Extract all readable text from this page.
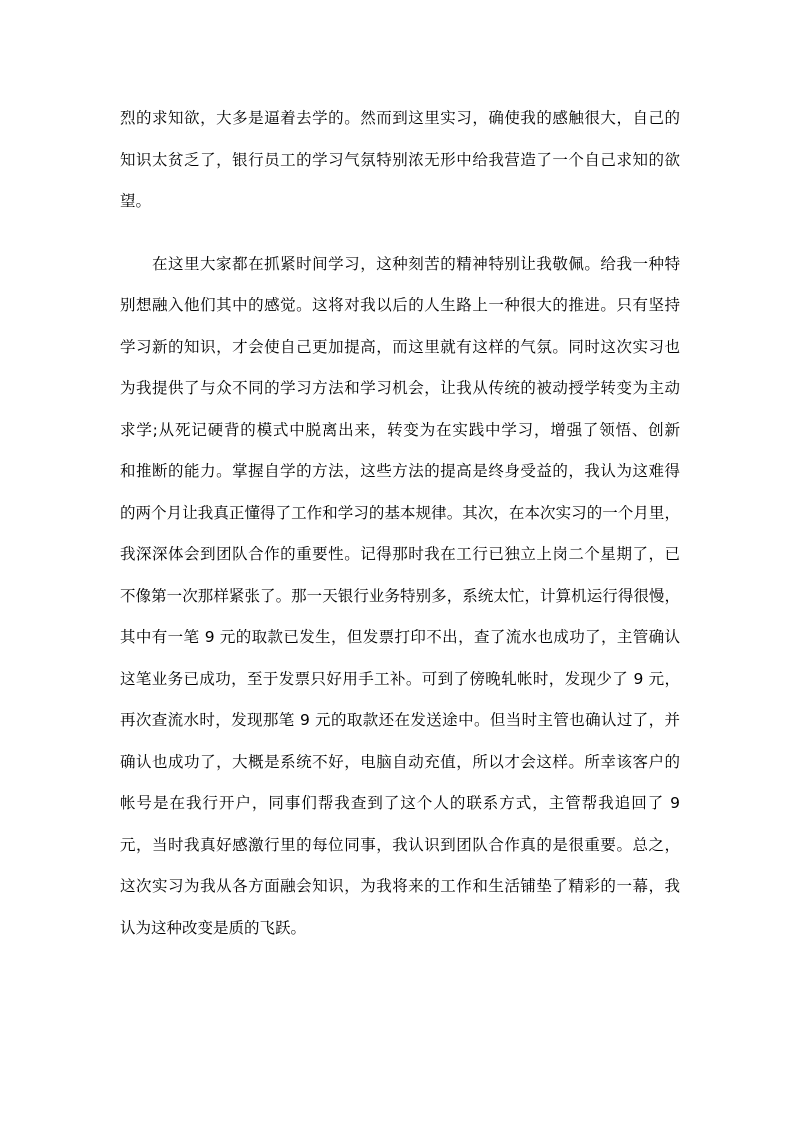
烈的求知欲，大多是逼着去学的。然而到这里实习，确使我的感触很大，自己的
知识太贫乏了，银行员工的学习气氛特别浓无形中给我营造了一个自己求知的欲
望。
在这里大家都在抓紧时间学习，这种刻苦的精神特别让我敬佩。给我一种特
别想融入他们其中的感觉。这将对我以后的人生路上一种很大的推进。只有坚持
学习新的知识，才会使自己更加提高，而这里就有这样的气氛。同时这次实习也
为我提供了与众不同的学习方法和学习机会，让我从传统的被动授学转变为主动
求学;从死记硬背的模式中脱离出来，转变为在实践中学习，增强了领悟、创新
和推断的能力。掌握自学的方法，这些方法的提高是终身受益的，我认为这难得
的两个月让我真正懂得了工作和学习的基本规律。其次，在本次实习的一个月里，
我深深体会到团队合作的重要性。记得那时我在工行已独立上岗二个星期了，已
不像第一次那样紧张了。那一天银行业务特别多，系统太忙，计算机运行得很慢，
其中有一笔 9 元的取款已发生，但发票打印不出，查了流水也成功了，主管确认
这笔业务已成功，至于发票只好用手工补。可到了傍晚轧帐时，发现少了 9 元，
再次查流水时，发现那笔 9 元的取款还在发送途中。但当时主管也确认过了，并
确认也成功了，大概是系统不好，电脑自动充值，所以才会这样。所幸该客户的
帐号是在我行开户，同事们帮我查到了这个人的联系方式，主管帮我追回了 9
元，当时我真好感激行里的每位同事，我认识到团队合作真的是很重要。总之，
这次实习为我从各方面融会知识，为我将来的工作和生活铺垫了精彩的一幕，我
认为这种改变是质的飞跃。
